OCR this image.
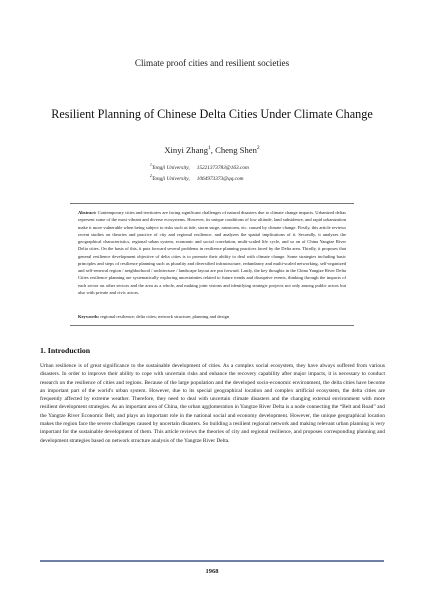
Climate proof cities and resilient societies
Resilient Planning of Chinese Delta Cities Under Climate Change
Xinyi Zhang$^1$, Cheng Shen$^2$
$^1$Tongji University, 15221373783@163.com
$^2$Tongji University, 1064973373@qq.com
Abstract: Contemporary cities and territories are facing significant challenges of natural disasters due to climate change impacts. Urbanized deltas represent some of the most vibrant and diverse ecosystems. However, its unique conditions of low altitude, land subsidence, and rapid urbanization make it more vulnerable when being subject to risks such as tide, storm surge, rainstorm, etc. caused by climate change. Firstly, this article reviews recent studies on theories and practice of city and regional resilience, and analyzes the spatial implications of it. Secondly, it analyzes the geographical characteristics, regional urban system, economic and social correlation, multi-scaled life cycle, and so on of China Yangtze River Delta cities. On the basis of this, it puts forward several problems in resilience planning practices faced by the Delta area. Thirdly, it proposes that general resilience development objective of delta cities is to promote their ability to deal with climate change. Some strategies including basic principles and steps of resilience planning such as plurality and diversified infrastructure, redundancy and multi-scaled networking, self-organized and self-renewal region / neighborhood / architecture / landscape layout are put forward. Lastly, the key thoughts in the China Yangtze River Delta Cities resilience planning are systematically exploring uncertainties related to future trends and disruptive events, thinking through the impacts of each sector on other sectors and the area as a whole, and making joint visions and identifying strategic projects not only among public actors but also with private and civic actors.
Keywords: regional resilience; delta cities; network structure; planning and design
1. Introduction
Urban resilience is of great significance to the sustainable development of cities. As a complex social ecosystem, they have always suffered from various disasters. In order to improve their ability to cope with uncertain risks and enhance the recovery capability after major impacts, it is necessary to conduct research on the resilience of cities and regions. Because of the large population and the developed socio-economic environment, the delta cities have become an important part of the world's urban system. However, due to its special geographical location and complex artificial ecosystem, the delta cities are frequently affected by extreme weather. Therefore, they need to deal with uncertain climate disasters and the changing external environment with more resilient development strategies. As an important area of China, the urban agglomeration in Yangtze River Delta is a node connecting the “Belt and Road” and the Yangtze River Economic Belt, and plays an important role in the national social and economy development. However, the unique geographical location makes the region face the severe challenges caused by uncertain disasters. So building a resilient regional network and making relevant urban planning is very important for the sustainable development of them. This article reviews the theories of city and regional resilience, and proposes corresponding planning and development strategies based on network structure analysis of the Yangtze River Delta.
1968
